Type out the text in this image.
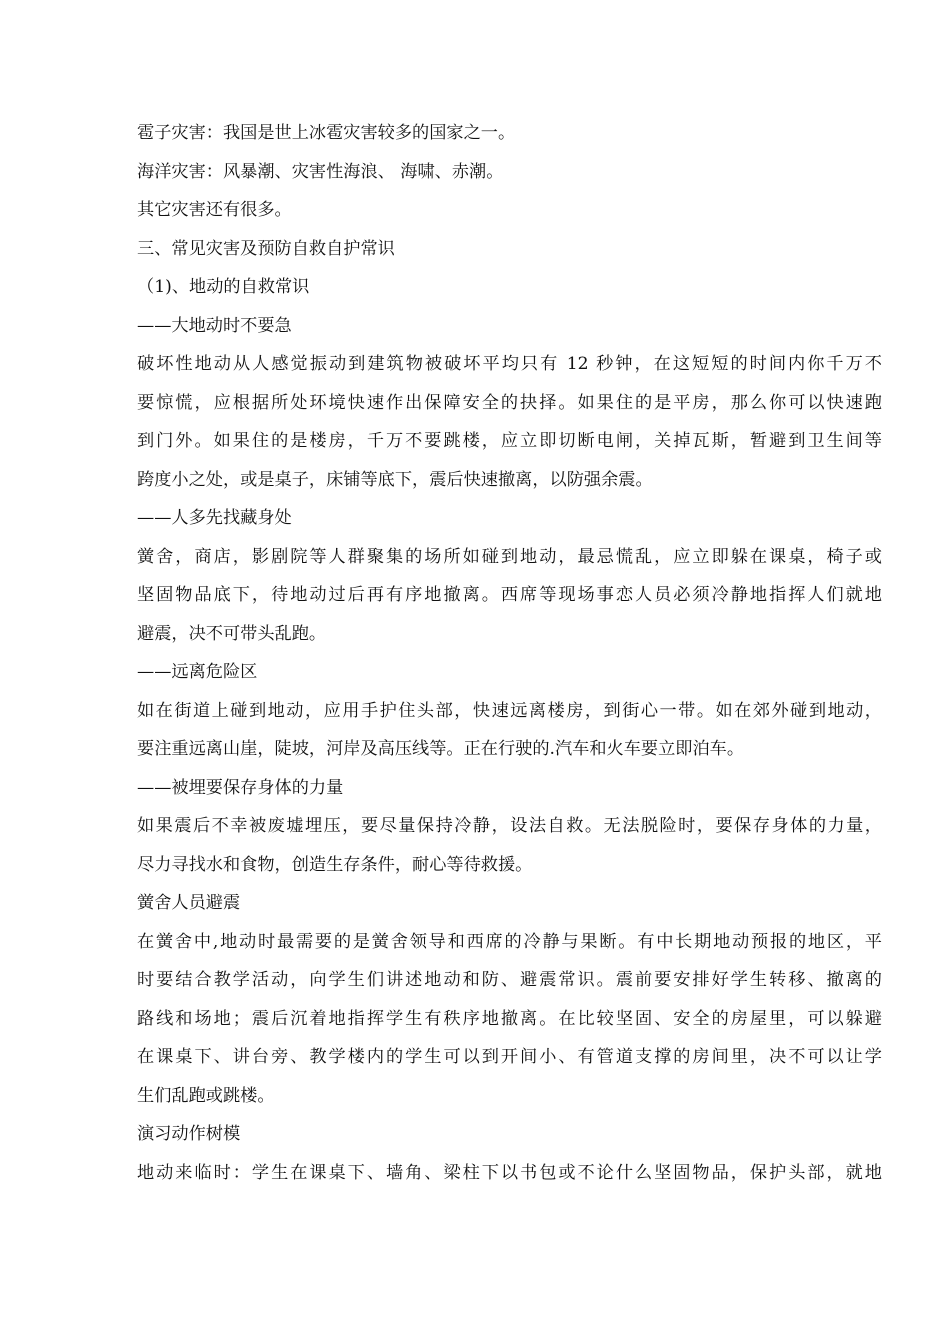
雹子灾害：我国是世上冰雹灾害较多的国家之一。
海洋灾害：风暴潮、灾害性海浪、 海啸、赤潮。
其它灾害还有很多。
三、常见灾害及预防自救自护常识
（1)、地动的自救常识
——大地动时不要急
破坏性地动从人感觉振动到建筑物被破坏平均只有 12 秒钟，在这短短的时间内你千万不
要惊慌，应根据所处环境快速作出保障安全的抉择。如果住的是平房，那么你可以快速跑
到门外。如果住的是楼房，千万不要跳楼，应立即切断电闸，关掉瓦斯，暂避到卫生间等
跨度小之处，或是桌子，床铺等底下，震后快速撤离，以防强余震。
——人多先找藏身处
黉舍，商店，影剧院等人群聚集的场所如碰到地动，最忌慌乱，应立即躲在课桌，椅子或
坚固物品底下，待地动过后再有序地撤离。西席等现场事恋人员必须冷静地指挥人们就地
避震，决不可带头乱跑。
——远离危险区
如在街道上碰到地动，应用手护住头部，快速远离楼房，到街心一带。如在郊外碰到地动，
要注重远离山崖，陡坡，河岸及高压线等。正在行驶的.汽车和火车要立即泊车。
——被埋要保存身体的力量
如果震后不幸被废墟埋压，要尽量保持冷静，设法自救。无法脱险时，要保存身体的力量，
尽力寻找水和食物，创造生存条件，耐心等待救援。
黉舍人员避震
在黉舍中,地动时最需要的是黉舍领导和西席的冷静与果断。有中长期地动预报的地区，平
时要结合教学活动，向学生们讲述地动和防、避震常识。震前要安排好学生转移、撤离的
路线和场地；震后沉着地指挥学生有秩序地撤离。在比较坚固、安全的房屋里，可以躲避
在课桌下、讲台旁、教学楼内的学生可以到开间小、有管道支撑的房间里，决不可以让学
生们乱跑或跳楼。
演习动作树模
地动来临时：学生在课桌下、墙角、梁柱下以书包或不论什么坚固物品，保护头部，就地
